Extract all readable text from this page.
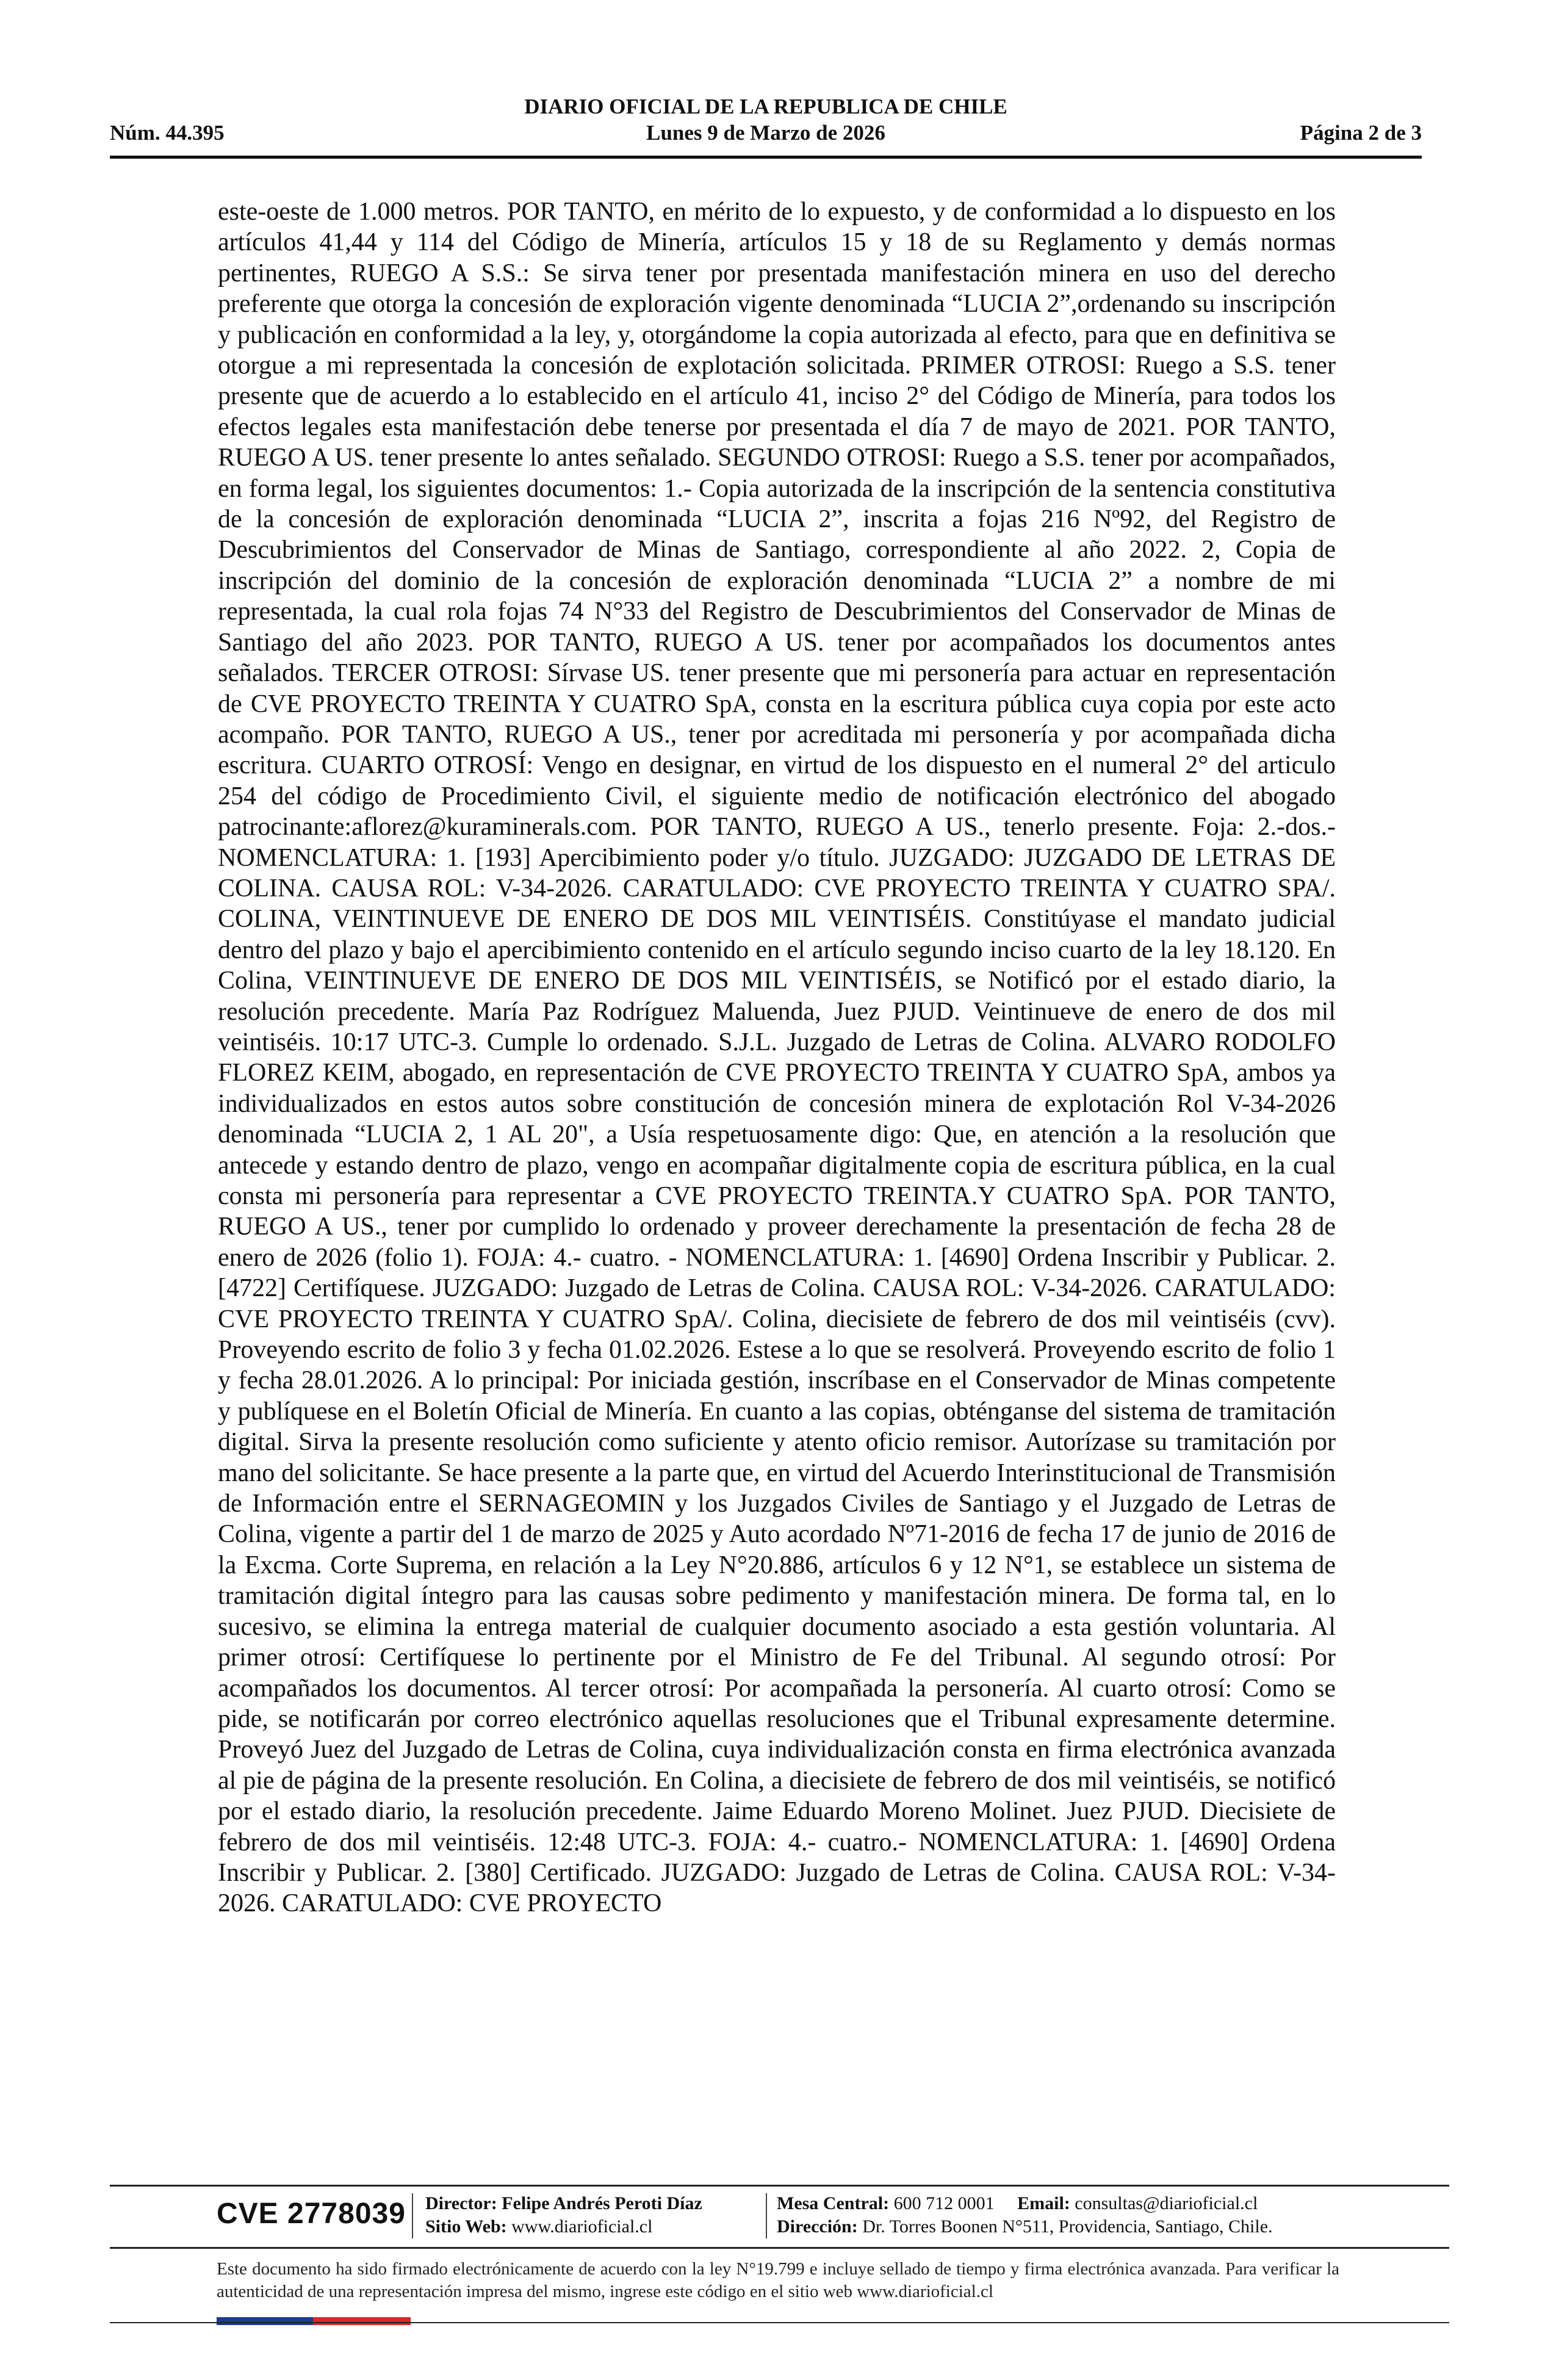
DIARIO OFICIAL DE LA REPUBLICA DE CHILE
Núm. 44.395	Lunes 9 de Marzo de 2026	Página 2 de 3

este-oeste de 1.000 metros. POR TANTO, en mérito de lo expuesto, y de conformidad a lo dispuesto en los artículos 41,44 y 114 del Código de Minería, artículos 15 y 18 de su Reglamento y demás normas pertinentes, RUEGO A S.S.: Se sirva tener por presentada manifestación minera en uso del derecho preferente que otorga la concesión de exploración vigente denominada “LUCIA 2”,ordenando su inscripción y publicación en conformidad a la ley, y, otorgándome la copia autorizada al efecto, para que en definitiva se otorgue a mi representada la concesión de explotación solicitada. PRIMER OTROSI: Ruego a S.S. tener presente que de acuerdo a lo establecido en el artículo 41, inciso 2° del Código de Minería, para todos los efectos legales esta manifestación debe tenerse por presentada el día 7 de mayo de 2021. POR TANTO, RUEGO A US. tener presente lo antes señalado. SEGUNDO OTROSI: Ruego a S.S. tener por acompañados, en forma legal, los siguientes documentos: 1.- Copia autorizada de la inscripción de la sentencia constitutiva de la concesión de exploración denominada “LUCIA 2”, inscrita a fojas 216 Nº92, del Registro de Descubrimientos del Conservador de Minas de Santiago, correspondiente al año 2022. 2, Copia de inscripción del dominio de la concesión de exploración denominada “LUCIA 2” a nombre de mi representada, la cual rola fojas 74 N°33 del Registro de Descubrimientos del Conservador de Minas de Santiago del año 2023. POR TANTO, RUEGO A US. tener por acompañados los documentos antes señalados. TERCER OTROSI: Sírvase US. tener presente que mi personería para actuar en representación de CVE PROYECTO TREINTA Y CUATRO SpA, consta en la escritura pública cuya copia por este acto acompaño. POR TANTO, RUEGO A US., tener por acreditada mi personería y por acompañada dicha escritura. CUARTO OTROSÍ: Vengo en designar, en virtud de los dispuesto en el numeral 2° del articulo 254 del código de Procedimiento Civil, el siguiente medio de notificación electrónico del abogado patrocinante:aflorez@kuraminerals.com. POR TANTO, RUEGO A US., tenerlo presente. Foja: 2.-dos.- NOMENCLATURA: 1. [193] Apercibimiento poder y/o título. JUZGADO: JUZGADO DE LETRAS DE COLINA. CAUSA ROL: V-34-2026. CARATULADO: CVE PROYECTO TREINTA Y CUATRO SPA/. COLINA, VEINTINUEVE DE ENERO DE DOS MIL VEINTISÉIS. Constitúyase el mandato judicial dentro del plazo y bajo el apercibimiento contenido en el artículo segundo inciso cuarto de la ley 18.120. En Colina, VEINTINUEVE DE ENERO DE DOS MIL VEINTISÉIS, se Notificó por el estado diario, la resolución precedente. María Paz Rodríguez Maluenda, Juez PJUD. Veintinueve de enero de dos mil veintiséis. 10:17 UTC-3. Cumple lo ordenado. S.J.L. Juzgado de Letras de Colina. ALVARO RODOLFO FLOREZ KEIM, abogado, en representación de CVE PROYECTO TREINTA Y CUATRO SpA, ambos ya individualizados en estos autos sobre constitución de concesión minera de explotación Rol V-34-2026 denominada “LUCIA 2, 1 AL 20", a Usía respetuosamente digo: Que, en atención a la resolución que antecede y estando dentro de plazo, vengo en acompañar digitalmente copia de escritura pública, en la cual consta mi personería para representar a CVE PROYECTO TREINTA.Y CUATRO SpA. POR TANTO, RUEGO A US., tener por cumplido lo ordenado y proveer derechamente la presentación de fecha 28 de enero de 2026 (folio 1). FOJA: 4.- cuatro. - NOMENCLATURA: 1. [4690] Ordena Inscribir y Publicar. 2. [4722] Certifíquese. JUZGADO: Juzgado de Letras de Colina. CAUSA ROL: V-34-2026. CARATULADO: CVE PROYECTO TREINTA Y CUATRO SpA/. Colina, diecisiete de febrero de dos mil veintiséis (cvv). Proveyendo escrito de folio 3 y fecha 01.02.2026. Estese a lo que se resolverá. Proveyendo escrito de folio 1 y fecha 28.01.2026. A lo principal: Por iniciada gestión, inscríbase en el Conservador de Minas competente y publíquese en el Boletín Oficial de Minería. En cuanto a las copias, obténganse del sistema de tramitación digital. Sirva la presente resolución como suficiente y atento oficio remisor. Autorízase su tramitación por mano del solicitante. Se hace presente a la parte que, en virtud del Acuerdo Interinstitucional de Transmisión de Información entre el SERNAGEOMIN y los Juzgados Civiles de Santiago y el Juzgado de Letras de Colina, vigente a partir del 1 de marzo de 2025 y Auto acordado Nº71-2016 de fecha 17 de junio de 2016 de la Excma. Corte Suprema, en relación a la Ley N°20.886, artículos 6 y 12 N°1, se establece un sistema de tramitación digital íntegro para las causas sobre pedimento y manifestación minera. De forma tal, en lo sucesivo, se elimina la entrega material de cualquier documento asociado a esta gestión voluntaria. Al primer otrosí: Certifíquese lo pertinente por el Ministro de Fe del Tribunal. Al segundo otrosí: Por acompañados los documentos. Al tercer otrosí: Por acompañada la personería. Al cuarto otrosí: Como se pide, se notificarán por correo electrónico aquellas resoluciones que el Tribunal expresamente determine. Proveyó Juez del Juzgado de Letras de Colina, cuya individualización consta en firma electrónica avanzada al pie de página de la presente resolución. En Colina, a diecisiete de febrero de dos mil veintiséis, se notificó por el estado diario, la resolución precedente. Jaime Eduardo Moreno Molinet. Juez PJUD. Diecisiete de febrero de dos mil veintiséis. 12:48 UTC-3. FOJA: 4.- cuatro.- NOMENCLATURA: 1. [4690] Ordena Inscribir y Publicar. 2. [380] Certificado. JUZGADO: Juzgado de Letras de Colina. CAUSA ROL: V-34-2026. CARATULADO: CVE PROYECTO

CVE 2778039 Director: Felipe Andrés Peroti Díaz
Sitio Web: www.diarioficial.cl
Mesa Central: 600 712 0001 Email: consultas@diarioficial.cl
Dirección: Dr. Torres Boonen N°511, Providencia, Santiago, Chile.
Este documento ha sido firmado electrónicamente de acuerdo con la ley N°19.799 e incluye sellado de tiempo y firma electrónica avanzada. Para verificar la autenticidad de una representación impresa del mismo, ingrese este código en el sitio web www.diarioficial.cl
